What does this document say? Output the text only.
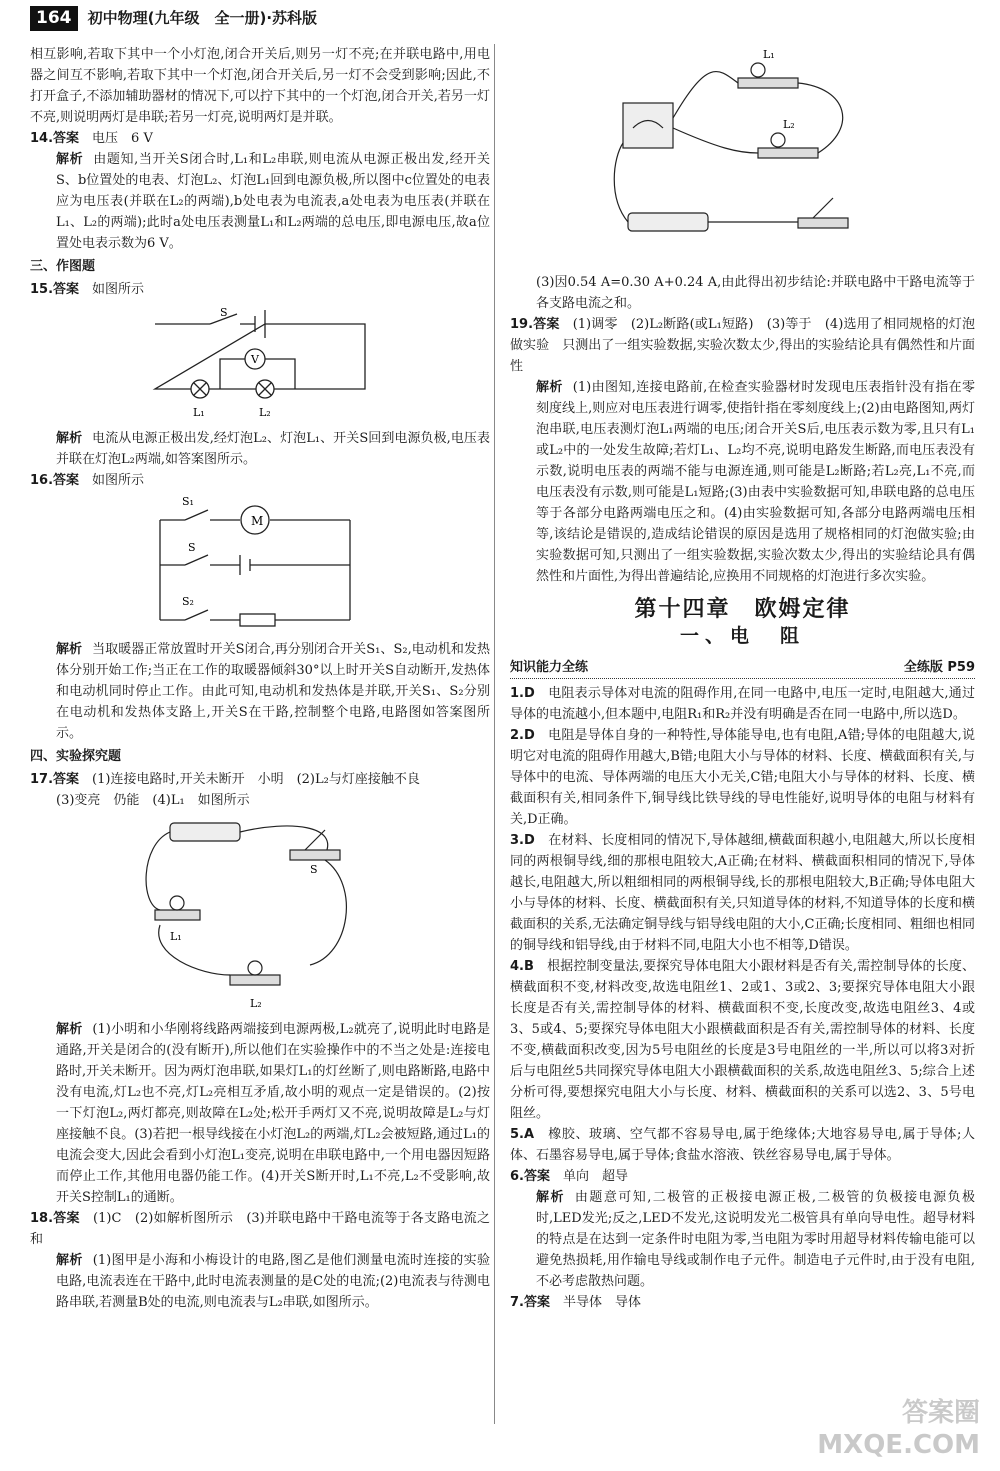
164 初中物理(九年级　全一册)·苏科版

相互影响,若取下其中一个小灯泡,闭合开关后,则另一灯不亮;在并联电路中,用电器之间互不影响,若取下其中一个灯泡,闭合开关后,另一灯不会受到影响;因此,不打开盒子,不添加辅助器材的情况下,可以拧下其中的一个灯泡,闭合开关,若另一灯不亮,则说明两灯是串联;若另一灯亮,说明两灯是并联。

14.答案　 电压　6 V

解析 由题知,当开关S闭合时,L₁和L₂串联,则电流从电源正极出发,经开关S、b位置处的电表、灯泡L₂、灯泡L₁回到电源负极,所以图中c位置处的电表应为电压表(并联在L₂的两端),b处电表为电流表,a处电表为电压表(并联在L₁、L₂的两端);此时a处电压表测量L₁和L₂两端的总电压,即电源电压,故a位置处电表示数为6 V。

三、作图题

15.答案　 如图所示

S
V
L₁	L₂

解析 电流从电源正极出发,经灯泡L₂、灯泡L₁、开关S回到电源负极,电压表并联在灯泡L₂两端,如答案图所示。

16.答案　 如图所示

M
S₁
S
S₂

解析 当取暖器正常放置时开关S闭合,再分别闭合开关S₁、S₂,电动机和发热体分别开始工作;当正在工作的取暖器倾斜30°以上时开关S自动断开,发热体和电动机同时停止工作。由此可知,电动机和发热体是并联,开关S₁、S₂分别在电动机和发热体支路上,开关S在干路,控制整个电路,电路图如答案图所示。

四、实验探究题

17.答案　 (1)连接电路时,开关未断开　小明　(2)L₂与灯座接触不良

(3)变亮　仍能　(4)L₁　如图所示

S
L₁
L₂

解析 (1)小明和小华刚将线路两端接到电源两极,L₂就亮了,说明此时电路是通路,开关是闭合的(没有断开),所以他们在实验操作中的不当之处是:连接电路时,开关未断开。因为两灯泡串联,如果灯L₁的灯丝断了,则电路断路,电路中没有电流,灯L₂也不亮,灯L₂亮相互矛盾,故小明的观点一定是错误的。(2)按一下灯泡L₂,两灯都亮,则故障在L₂处;松开手两灯又不亮,说明故障是L₂与灯座接触不良。(3)若把一根导线接在小灯泡L₂的两端,灯L₂会被短路,通过L₁的电流会变大,因此会看到小灯泡L₁变亮,说明在串联电路中,一个用电器因短路而停止工作,其他用电器仍能工作。(4)开关S断开时,L₁不亮,L₂不受影响,故开关S控制L₁的通断。

18.答案　 (1)C　(2)如解析图所示　(3)并联电路中干路电流等于各支路电流之和

解析 (1)图甲是小海和小梅设计的电路,图乙是他们测量电流时连接的实验电路,电流表连在干路中,此时电流表测量的是C处的电流;(2)电流表与待测电路串联,若测量B处的电流,则电流表与L₂串联,如图所示。

L₁
L₂

(3)因0.54 A=0.30 A+0.24 A,由此得出初步结论:并联电路中干路电流等于各支路电流之和。

19.答案　 (1)调零　(2)L₂断路(或L₁短路)　(3)等于　(4)选用了相同规格的灯泡做实验　只测出了一组实验数据,实验次数太少,得出的实验结论具有偶然性和片面性

解析 (1)由图知,连接电路前,在检查实验器材时发现电压表指针没有指在零刻度线上,则应对电压表进行调零,使指针指在零刻度线上;(2)由电路图知,两灯泡串联,电压表测灯泡L₁两端的电压;闭合开关S后,电压表示数为零,且只有L₁或L₂中的一处发生故障;若灯L₁、L₂均不亮,说明电路发生断路,而电压表没有示数,说明电压表的两端不能与电源连通,则可能是L₂断路;若L₂亮,L₁不亮,而电压表没有示数,则可能是L₁短路;(3)由表中实验数据可知,串联电路的总电压等于各部分电路两端电压之和。(4)由实验数据可知,各部分电路两端电压相等,该结论是错误的,造成结论错误的原因是选用了规格相同的灯泡做实验;由实验数据可知,只测出了一组实验数据,实验次数太少,得出的实验结论具有偶然性和片面性,为得出普遍结论,应换用不同规格的灯泡进行多次实验。

第十四章　欧姆定律
一、电　阻
知识能力全练	全练版 P59

1.D　 电阻表示导体对电流的阻碍作用,在同一电路中,电压一定时,电阻越大,通过导体的电流越小,但本题中,电阻R₁和R₂并没有明确是否在同一电路中,所以选D。

2.D　 电阻是导体自身的一种特性,导体能导电,也有电阻,A错;导体的电阻越大,说明它对电流的阻碍作用越大,B错;电阻大小与导体的材料、长度、横截面积有关,与导体中的电流、导体两端的电压大小无关,C错;电阻大小与导体的材料、长度、横截面积有关,相同条件下,铜导线比铁导线的导电性能好,说明导体的电阻与材料有关,D正确。

3.D　 在材料、长度相同的情况下,导体越细,横截面积越小,电阻越大,所以长度相同的两根铜导线,细的那根电阻较大,A正确;在材料、横截面积相同的情况下,导体越长,电阻越大,所以粗细相同的两根铜导线,长的那根电阻较大,B正确;导体电阻大小与导体的材料、长度、横截面积有关,只知道导体的材料,不知道导体的长度和横截面积的关系,无法确定铜导线与铝导线电阻的大小,C正确;长度相同、粗细也相同的铜导线和铝导线,由于材料不同,电阻大小也不相等,D错误。

4.B　 根据控制变量法,要探究导体电阻大小跟材料是否有关,需控制导体的长度、横截面积不变,材料改变,故选电阻丝1、2或1、3或2、3;要探究导体电阻大小跟长度是否有关,需控制导体的材料、横截面积不变,长度改变,故选电阻丝3、4或3、5或4、5;要探究导体电阻大小跟横截面积是否有关,需控制导体的材料、长度不变,横截面积改变,因为5号电阻丝的长度是3号电阻丝的一半,所以可以将3对折后与电阻丝5共同探究导体电阻大小跟横截面积的关系,故选电阻丝3、5;综合上述分析可得,要想探究电阻大小与长度、材料、横截面积的关系可以选2、3、5号电阻丝。

5.A　 橡胶、玻璃、空气都不容易导电,属于绝缘体;大地容易导电,属于导体;人体、石墨容易导电,属于导体;食盐水溶液、铁丝容易导电,属于导体。

6.答案　 单向　超导

解析 由题意可知,二极管的正极接电源正极,二极管的负极接电源负极时,LED发光;反之,LED不发光,这说明发光二极管具有单向导电性。超导材料的特点是在达到一定条件时电阻为零,当电阻为零时用超导材料传输电能可以避免热损耗,用作输电导线或制作电子元件。制造电子元件时,由于没有电阻,不必考虑散热问题。

7.答案　 半导体　导体

答案圈
MXQE.COM
